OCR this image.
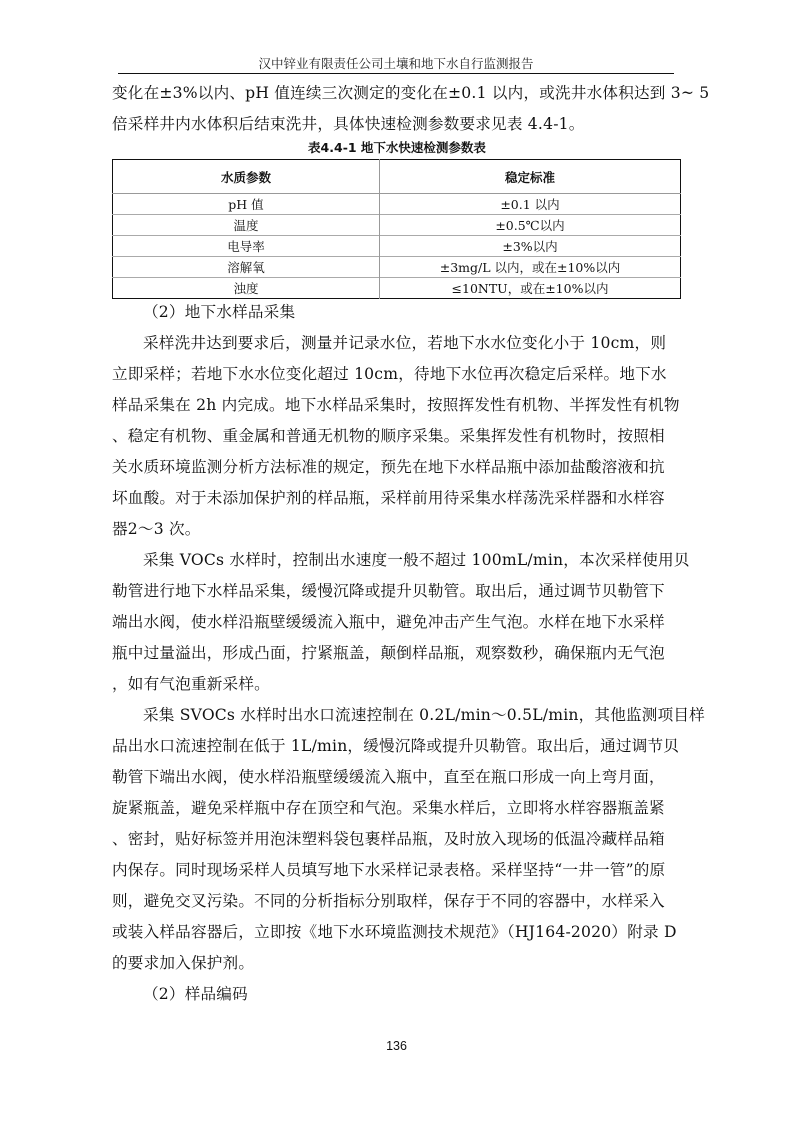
汉中锌业有限责任公司土壤和地下水自行监测报告
变化在±3%以内、pH 值连续三次测定的变化在±0.1 以内，或洗井水体积达到 3~ 5
倍采样井内水体积后结束洗井，具体快速检测参数要求见表 4.4-1。
表4.4-1 地下水快速检测参数表
水质参数	稳定标准
pH 值	±0.1 以内
温度	±0.5℃以内
电导率	±3%以内
溶解氧	±3mg/L 以内，或在±10%以内
浊度	≤10NTU，或在±10%以内
（2）地下水样品采集
采样洗井达到要求后，测量并记录水位，若地下水水位变化小于 10cm，则
立即采样；若地下水水位变化超过 10cm，待地下水位再次稳定后采样。地下水
样品采集在 2h 内完成。地下水样品采集时，按照挥发性有机物、半挥发性有机物
、稳定有机物、重金属和普通无机物的顺序采集。采集挥发性有机物时，按照相
关水质环境监测分析方法标准的规定，预先在地下水样品瓶中添加盐酸溶液和抗
坏血酸。对于未添加保护剂的样品瓶，采样前用待采集水样荡洗采样器和水样容
器2～3 次。
采集 VOCs 水样时，控制出水速度一般不超过 100mL/min，本次采样使用贝
勒管进行地下水样品采集，缓慢沉降或提升贝勒管。取出后，通过调节贝勒管下
端出水阀，使水样沿瓶壁缓缓流入瓶中，避免冲击产生气泡。水样在地下水采样
瓶中过量溢出，形成凸面，拧紧瓶盖，颠倒样品瓶，观察数秒，确保瓶内无气泡
，如有气泡重新采样。
采集 SVOCs 水样时出水口流速控制在 0.2L/min～0.5L/min，其他监测项目样
品出水口流速控制在低于 1L/min，缓慢沉降或提升贝勒管。取出后，通过调节贝
勒管下端出水阀，使水样沿瓶壁缓缓流入瓶中，直至在瓶口形成一向上弯月面，
旋紧瓶盖，避免采样瓶中存在顶空和气泡。采集水样后，立即将水样容器瓶盖紧
、密封，贴好标签并用泡沫塑料袋包裹样品瓶，及时放入现场的低温冷藏样品箱
内保存。同时现场采样人员填写地下水采样记录表格。采样坚持“一井一管”的原
则，避免交叉污染。不同的分析指标分别取样，保存于不同的容器中，水样采入
或装入样品容器后，立即按《地下水环境监测技术规范》（HJ164-2020）附录 D
的要求加入保护剂。
（2）样品编码
136
